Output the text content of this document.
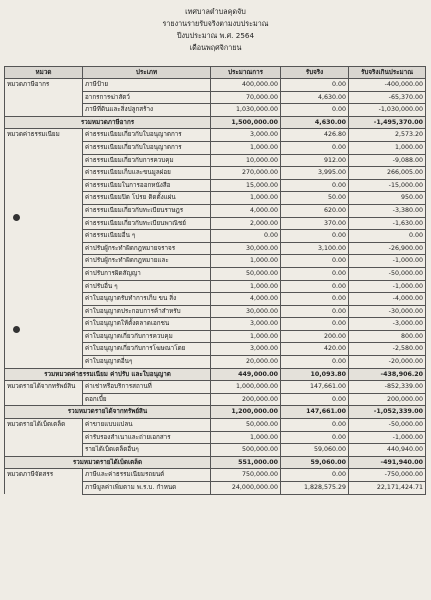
เทศบาลตำบลคุดจับ
รายงานรายรับจริงตามงบประมาณ
ปีงบประมาณ พ.ศ. 2564
เดือนพฤศจิกายน
หมวด	ประเภท	ประมาณการ	รับจริง	รับจริงเกินประมาณ
หมวดภาษีอากร	ภาษีป้าย	400,000.00	0.00	-400,000.00
	อากรการฆ่าสัตว์	70,000.00	4,630.00	-65,370.00
	ภาษีที่ดินและสิ่งปลูกสร้าง	1,030,000.00	0.00	-1,030,000.00
รวมหมวดภาษีอากร		1,500,000.00	4,630.00	-1,495,370.00
หมวดค่าธรรมเนียม	ค่าธรรมเนียมเกี่ยวกับใบอนุญาตการ	3,000.00	426.80	2,573.20
	ค่าธรรมเนียมเกี่ยวกับใบอนุญาตการ	1,000.00	0.00	1,000.00
	ค่าธรรมเนียมเกี่ยวกับการควบคุม	10,000.00	912.00	-9,088.00
	ค่าธรรมเนียมเก็บและขนมูลฝอย	270,000.00	3,995.00	266,005.00
	ค่าธรรมเนียมในการออกหนังสือ	15,000.00	0.00	-15,000.00
	ค่าธรรมเนียมปิด โปรย ติดตั้งแผ่น	1,000.00	50.00	950.00
	ค่าธรรมเนียมเกี่ยวกับทะเบียนราษฎร	4,000.00	620.00	-3,380.00
	ค่าธรรมเนียมเกี่ยวกับทะเบียนพาณิชย์	2,000.00	370.00	-1,630.00
	ค่าธรรมเนียมอื่น ๆ	0.00	0.00	0.00
	ค่าปรับผู้กระทำผิดกฎหมายจราจร	30,000.00	3,100.00	-26,900.00
	ค่าปรับผู้กระทำผิดกฎหมายและ	1,000.00	0.00	-1,000.00
	ค่าปรับการผิดสัญญา	50,000.00	0.00	-50,000.00
	ค่าปรับอื่น ๆ	1,000.00	0.00	-1,000.00
	ค่าใบอนุญาตรับทำการเก็บ ขน สิ่ง	4,000.00	0.00	-4,000.00
	ค่าใบอนุญาตประกอบการค้าสำหรับ	30,000.00	0.00	-30,000.00
	ค่าใบอนุญาตให้ตั้งตลาดเอกชน	3,000.00	0.00	-3,000.00
	ค่าใบอนุญาตเกี่ยวกับการควบคุม	1,000.00	200.00	800.00
	ค่าใบอนุญาตเกี่ยวกับการโฆษณาโดย	3,000.00	420.00	-2,580.00
	ค่าใบอนุญาตอื่นๆ	20,000.00	0.00	-20,000.00
รวมหมวดค่าธรรมเนียม ค่าปรับ และใบอนุญาต		449,000.00	10,093.80	-438,906.20
หมวดรายได้จากทรัพย์สิน	ค่าเช่าหรือบริการสถานที่	1,000,000.00	147,661.00	-852,339.00
	ดอกเบี้ย	200,000.00	0.00	200,000.00
รวมหมวดรายได้จากทรัพย์สิน		1,200,000.00	147,661.00	-1,052,339.00
หมวดรายได้เบ็ดเตล็ด	ค่าขายแบบแปลน	50,000.00	0.00	-50,000.00
	ค่ารับรองสำเนาและถ่ายเอกสาร	1,000.00	0.00	-1,000.00
	รายได้เบ็ดเตล็ดอื่นๆ	500,000.00	59,060.00	440,940.00
รวมหมวดรายได้เบ็ดเตล็ด		551,000.00	59,060.00	-491,940.00
หมวดภาษีจัดสรร	ภาษีและค่าธรรมเนียมรถยนต์	750,000.00	0.00	-750,000.00
	ภาษีมูลค่าเพิ่มตาม พ.ร.บ. กำหนด	24,000,000.00	1,828,575.29	22,171,424.71
